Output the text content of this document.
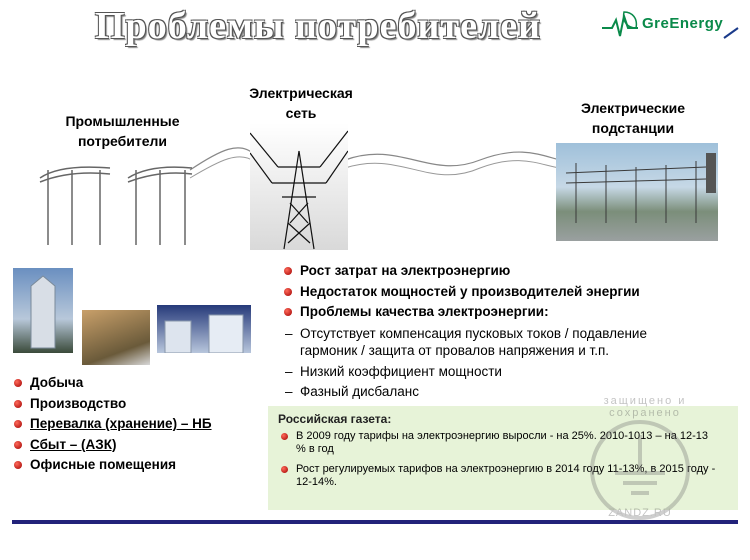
Проблемы потребителей	GreEnergy
Промышленные потребители
Электрическая сеть	Электрические подстанции
Добыча
Производство
Перевалка (хранение) – НБ
Сбыт – (АЗК)
Офисные помещения
Рост затрат на электроэнергию
Недостаток мощностей у производителей энергии
Проблемы качества электроэнергии:
– Отсутствует компенсация пусковых токов / подавление гармоник / защита от провалов напряжения и т.п.
– Низкий коэффициент мощности
– Фазный дисбаланс
Российская газета:
В 2009 году тарифы на электроэнергию выросли - на 25%. 2010-1013 – на 12-13 % в год
Рост регулируемых тарифов на электроэнергию в 2014 году 11-13%, в 2015 году - 12-14%.
защищено и сохранено
ZANDZ.RU
